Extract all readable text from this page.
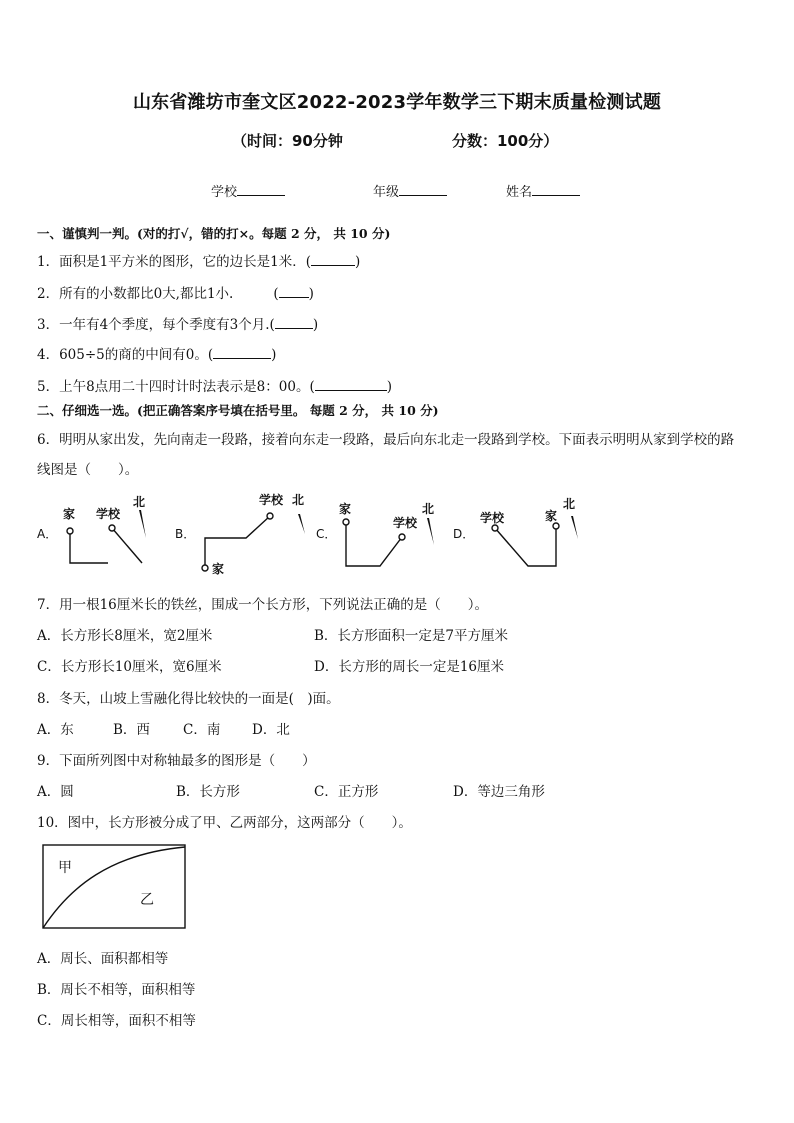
山东省潍坊市奎文区2022-2023学年数学三下期末质量检测试题
（时间：90分钟	分数：100分）
学校	年级	姓名
一、谨慎判一判。(对的打√，错的打×。每题 2 分， 共 10 分)
1．面积是1平方米的图形，它的边长是1米．(	)
2．所有的小数都比0大,都比1小.	( )
3．一年有4个季度，每个季度有3个月.(	)
4．605÷5的商的中间有0。(	)
5．上午8点用二十四时计时法表示是8：00。(	)
二、仔细选一选。(把正确答案序号填在括号里。 每题 2 分， 共 10 分)
6．明明从家出发，先向南走一段路，接着向东走一段路，最后向东北走一段路到学校。下面表示明明从家到学校的路
线图是（　　）。
A．
家 学校
北
B．
家
学校 北
C．
家
学校
北
D．
学校	家
北
7．用一根16厘米长的铁丝，围成一个长方形，下列说法正确的是（　　）。
A．长方形长8厘米，宽2厘米	B．长方形面积一定是7平方厘米
C．长方形长10厘米，宽6厘米	D．长方形的周长一定是16厘米
8．冬天，山坡上雪融化得比较快的一面是(　)面。
A．东	B．西 C．南 D．北
9．下面所列图中对称轴最多的图形是（　　）
A．圆	B．长方形	C．正方形	D．等边三角形
10．图中，长方形被分成了甲、乙两部分，这两部分（　　）。
甲
乙
A．周长、面积都相等
B．周长不相等，面积相等
C．周长相等，面积不相等
